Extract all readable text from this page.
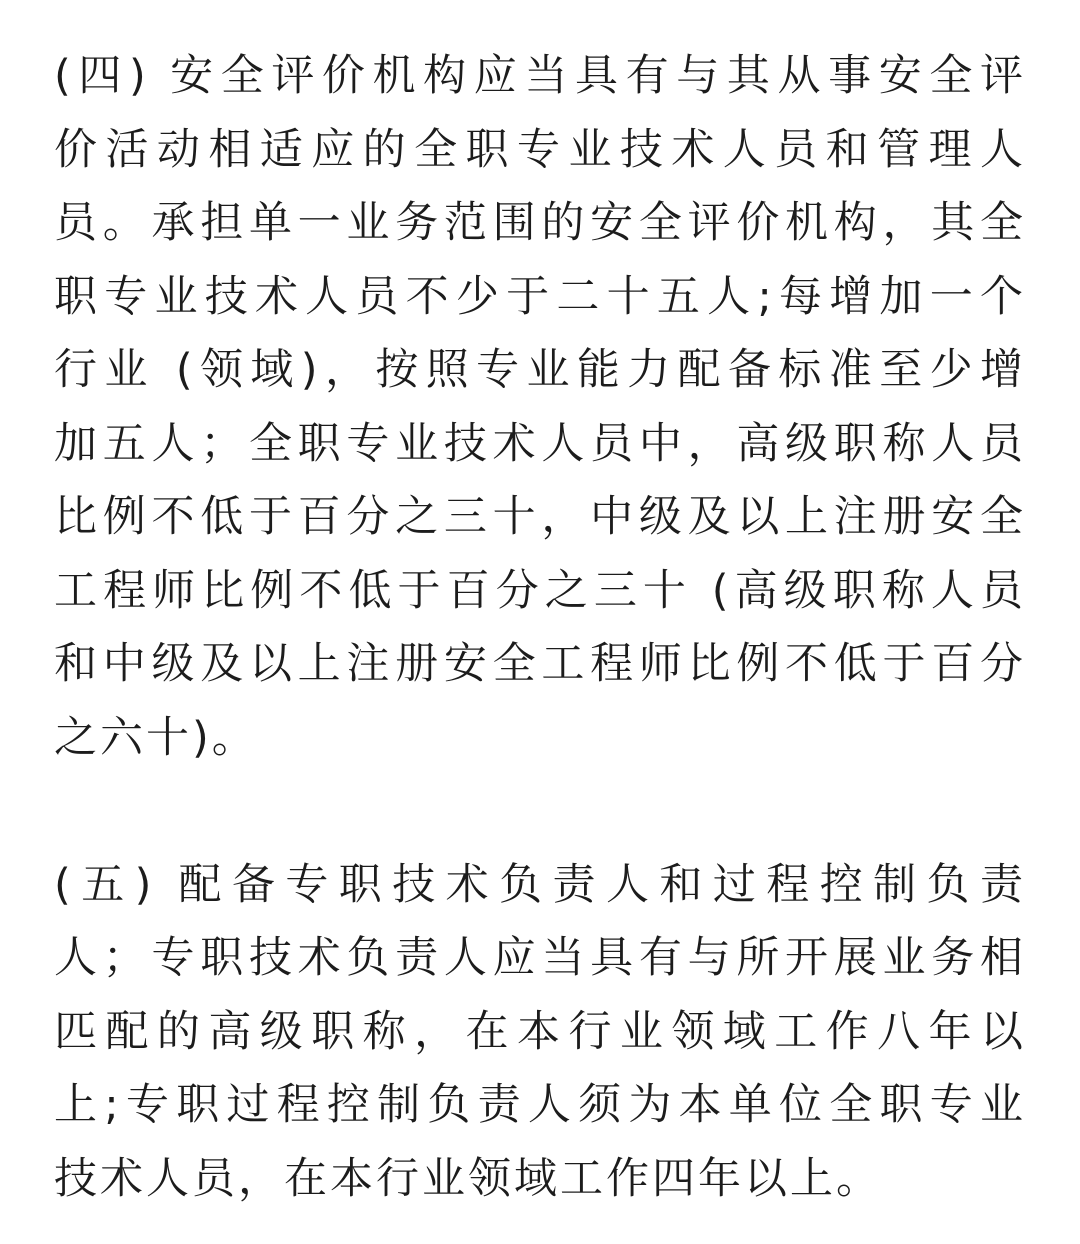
(四) 安全评价机构应当具有与其从事安全评
价活动相适应的全职专业技术人员和管理人
员。承担单一业务范围的安全评价机构，其全
职专业技术人员不少于二十五人;每增加一个
行业 (领域)，按照专业能力配备标准至少增
加五人；全职专业技术人员中，高级职称人员
比例不低于百分之三十，中级及以上注册安全
工程师比例不低于百分之三十 (高级职称人员
和中级及以上注册安全工程师比例不低于百分
之六十)。
(五) 配备专职技术负责人和过程控制负责
人；专职技术负责人应当具有与所开展业务相
匹配的高级职称，在本行业领域工作八年以
上;专职过程控制负责人须为本单位全职专业
技术人员，在本行业领域工作四年以上。
